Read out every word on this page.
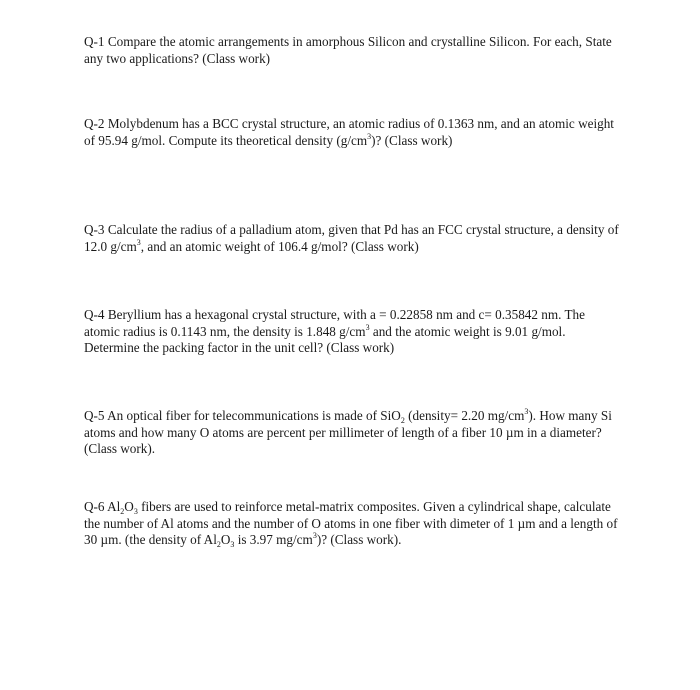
Q-1 Compare the atomic arrangements in amorphous Silicon and crystalline Silicon. For each, State any two applications? (Class work)

Q-2 Molybdenum has a BCC crystal structure, an atomic radius of 0.1363 nm, and an atomic weight of 95.94 g/mol. Compute its theoretical density $(g/cm^3)$? (Class work)

Q-3 Calculate the radius of a palladium atom, given that Pd has an FCC crystal structure, a density of 12.0 $g/cm^3$, and an atomic weight of 106.4 g/mol? (Class work)

Q-4 Beryllium has a hexagonal crystal structure, with a = 0.22858 nm and c= 0.35842 nm. The atomic radius is 0.1143 nm, the density is 1.848 $g/cm^3$ and the atomic weight is 9.01 g/mol. Determine the packing factor in the unit cell? (Class work)

Q-5 An optical fiber for telecommunications is made of SiO$_2$ (density= 2.20 $mg/cm^3$). How many Si atoms and how many O atoms are percent per millimeter of length of a fiber 10 µm in a diameter? (Class work).

Q-6 $Al_2O_3$ fibers are used to reinforce metal-matrix composites. Given a cylindrical shape, calculate the number of Al atoms and the number of O atoms in one fiber with dimeter of 1 µm and a length of 30 µm. (the density of $Al_2O_3$ is 3.97 $mg/cm^3$)? (Class work).
